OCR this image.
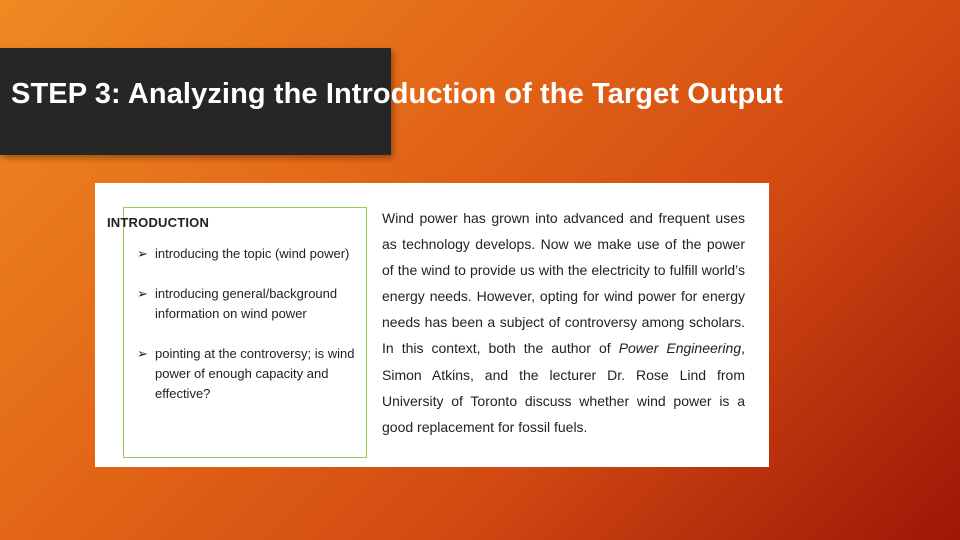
STEP 3: Analyzing the Introduction of the Target Output
INTRODUCTION
➢ introducing the topic (wind power)
➢ introducing general/background information on wind power
➢ pointing at the controversy; is wind power of enough capacity and effective?

Wind power has grown into advanced and frequent uses as technology develops. Now we make use of the power of the wind to provide us with the electricity to fulfill world’s energy needs. However, opting for wind power for energy needs has been a subject of controversy among scholars. In this context, both the author of Power Engineering, Simon Atkins, and the lecturer Dr. Rose Lind from University of Toronto discuss whether wind power is a good replacement for fossil fuels.
